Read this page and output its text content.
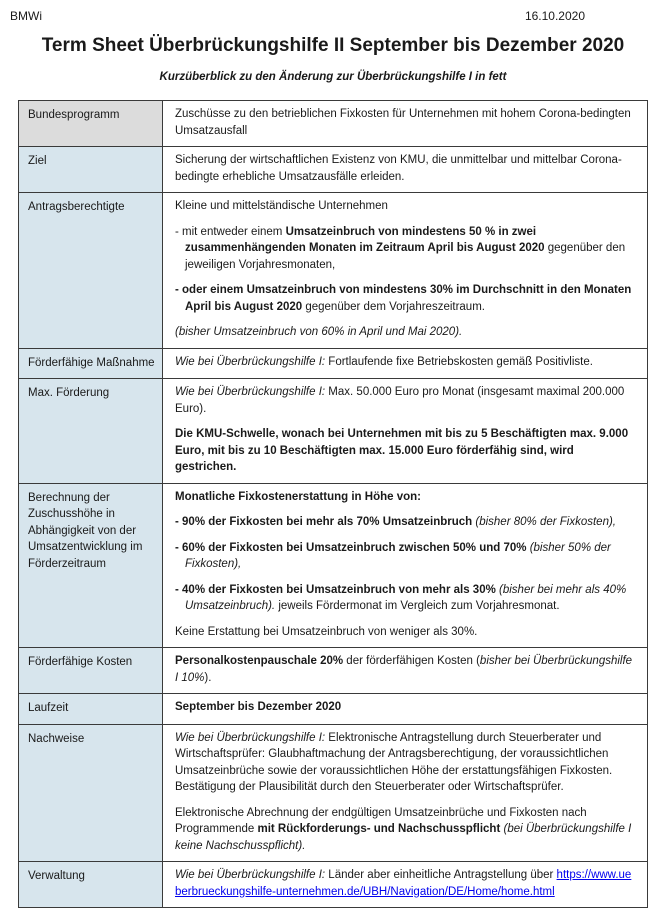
BMWi	16.10.2020
Term Sheet Überbrückungshilfe II September bis Dezember 2020
Kurzüberblick zu den Änderung zur Überbrückungshilfe I in fett
Bundesprogramm	Zuschüsse zu den betrieblichen Fixkosten für Unternehmen mit hohem Corona-bedingten Umsatzausfall

Ziel	Sicherung der wirtschaftlichen Existenz von KMU, die unmittelbar und mittelbar Corona-bedingte erhebliche Umsatzausfälle erleiden.

Antragsberechtigte	Kleine und mittelständische Unternehmen
- mit entweder einem Umsatzeinbruch von mindestens 50 % in zwei zusammenhängenden Monaten im Zeitraum April bis August 2020 gegenüber den jeweiligen Vorjahresmonaten,
- oder einem Umsatzeinbruch von mindestens 30% im Durchschnitt in den Monaten April bis August 2020 gegenüber dem Vorjahreszeitraum.
(bisher Umsatzeinbruch von 60% in April und Mai 2020).

Förderfähige Maßnahme	Wie bei Überbrückungshilfe I: Fortlaufende fixe Betriebskosten gemäß Positivliste.

Max. Förderung	Wie bei Überbrückungshilfe I: Max. 50.000 Euro pro Monat (insgesamt maximal 200.000 Euro).
Die KMU-Schwelle, wonach bei Unternehmen mit bis zu 5 Beschäftigten max. 9.000 Euro, mit bis zu 10 Beschäftigten max. 15.000 Euro förderfähig sind, wird gestrichen.

Berechnung der Zuschusshöhe in Abhängigkeit von der Umsatzentwicklung im Förderzeitraum	Monatliche Fixkostenerstattung in Höhe von:
- 90% der Fixkosten bei mehr als 70% Umsatzeinbruch (bisher 80% der Fixkosten),
- 60% der Fixkosten bei Umsatzeinbruch zwischen 50% und 70% (bisher 50% der Fixkosten),
- 40% der Fixkosten bei Umsatzeinbruch von mehr als 30% (bisher bei mehr als 40% Umsatzeinbruch). jeweils Fördermonat im Vergleich zum Vorjahresmonat.
Keine Erstattung bei Umsatzeinbruch von weniger als 30%.

Förderfähige Kosten	Personalkostenpauschale 20% der förderfähigen Kosten (bisher bei Überbrückungshilfe I 10%).

Laufzeit	September bis Dezember 2020

Nachweise	Wie bei Überbrückungshilfe I: Elektronische Antragstellung durch Steuerberater und Wirtschaftsprüfer: Glaubhaftmachung der Antragsberechtigung, der voraussichtlichen Umsatzeinbrüche sowie der voraussichtlichen Höhe der erstattungsfähigen Fixkosten. Bestätigung der Plausibilität durch den Steuerberater oder Wirtschaftsprüfer.
Elektronische Abrechnung der endgültigen Umsatzeinbrüche und Fixkosten nach Programmende mit Rückforderungs- und Nachschusspflicht (bei Überbrückungshilfe I keine Nachschusspflicht).

Verwaltung	Wie bei Überbrückungshilfe I: Länder aber einheitliche Antragstellung über https://www.ueberbrueckungshilfe-unternehmen.de/UBH/Navigation/DE/Home/home.html
